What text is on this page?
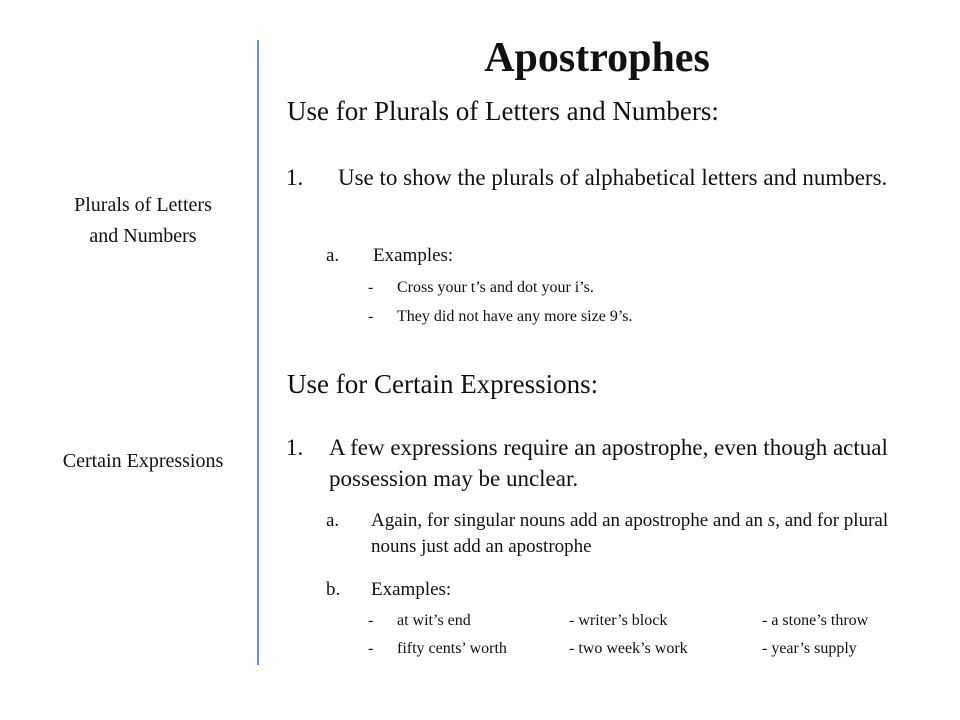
Apostrophes
Plurals of Letters and Numbers
Certain Expressions
Use for Plurals of Letters and Numbers:
1. Use to show the plurals of alphabetical letters and numbers.
a. Examples:
- Cross your t’s and dot your i’s.
- They did not have any more size 9’s.
Use for Certain Expressions:
1. A few expressions require an apostrophe, even though actual possession may be unclear.
a. Again, for singular nouns add an apostrophe and an s, and for plural nouns just add an apostrophe
b. Examples:
- at wit’s end	- writer’s block	- a stone’s throw
- fifty cents’ worth	- two week’s work	- year’s supply
